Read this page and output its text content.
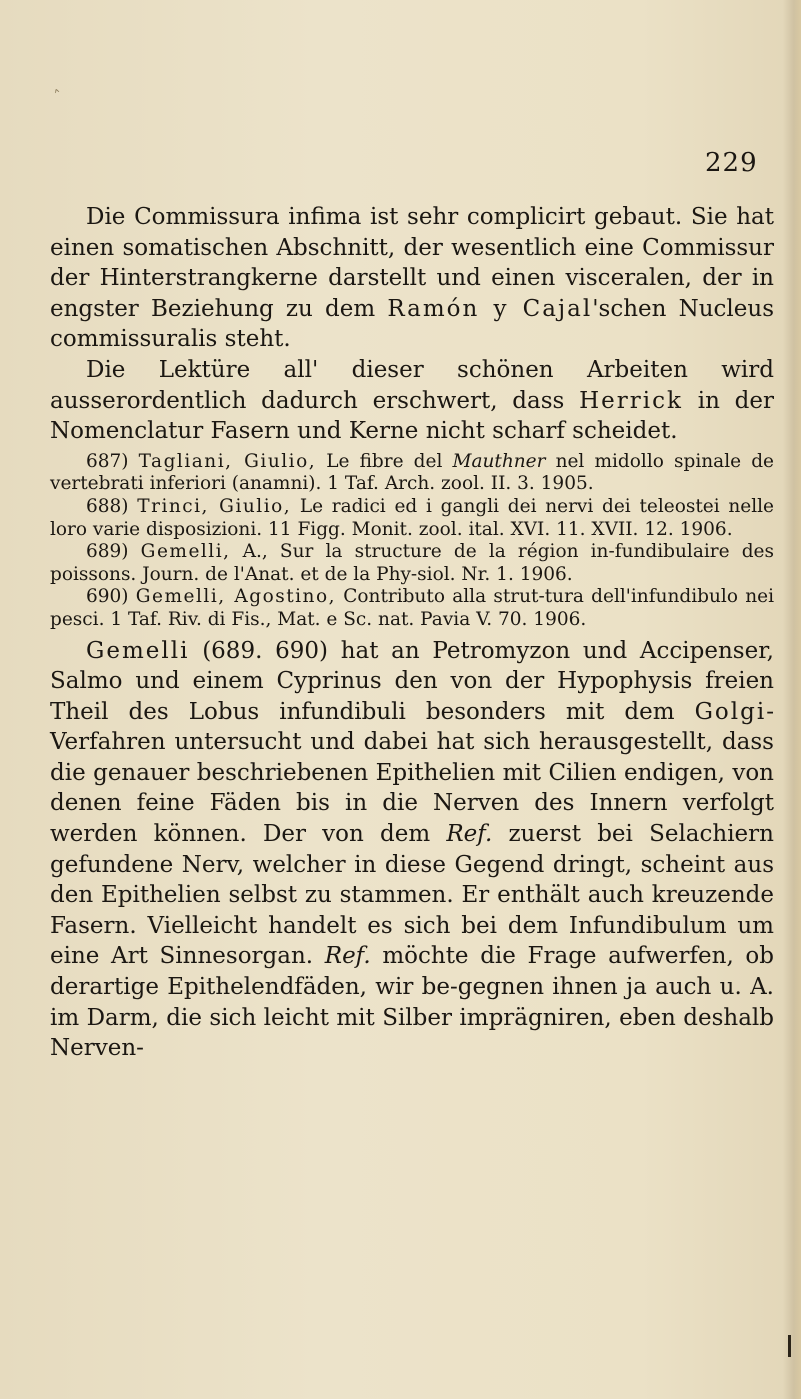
˄
229

Die Commissura infima ist sehr complicirt gebaut. Sie hat einen somatischen Abschnitt, der wesentlich eine Commissur der Hinterstrangkerne darstellt und einen visceralen, der in engster Beziehung zu dem Ramón y Cajal'schen Nucleus commissuralis steht.

Die Lektüre all' dieser schönen Arbeiten wird ausserordentlich dadurch erschwert, dass Herrick in der Nomenclatur Fasern und Kerne nicht scharf scheidet.

687) Tagliani, Giulio, Le fibre del Mauthner nel midollo spinale de vertebrati inferiori (anamni). 1 Taf. Arch. zool. II. 3. 1905.

688) Trinci, Giulio, Le radici ed i gangli dei nervi dei teleostei nelle loro varie disposizioni. 11 Figg. Monit. zool. ital. XVI. 11. XVII. 12. 1906.

689) Gemelli, A., Sur la structure de la région in-fundibulaire des poissons. Journ. de l'Anat. et de la Phy-siol. Nr. 1. 1906.

690) Gemelli, Agostino, Contributo alla strut-tura dell'infundibulo nei pesci. 1 Taf. Riv. di Fis., Mat. e Sc. nat. Pavia V. 70. 1906.

Gemelli (689. 690) hat an Petromyzon und Accipenser, Salmo und einem Cyprinus den von der Hypophysis freien Theil des Lobus infundibuli besonders mit dem Golgi-Verfahren untersucht und dabei hat sich herausgestellt, dass die genauer beschriebenen Epithelien mit Cilien endigen, von denen feine Fäden bis in die Nerven des Innern verfolgt werden können. Der von dem Ref. zuerst bei Selachiern gefundene Nerv, welcher in diese Gegend dringt, scheint aus den Epithelien selbst zu stammen. Er enthält auch kreuzende Fasern. Vielleicht handelt es sich bei dem Infundibulum um eine Art Sinnesorgan. Ref. möchte die Frage aufwerfen, ob derartige Epithelendfäden, wir be-gegnen ihnen ja auch u. A. im Darm, die sich leicht mit Silber imprägniren, eben deshalb Nerven-
